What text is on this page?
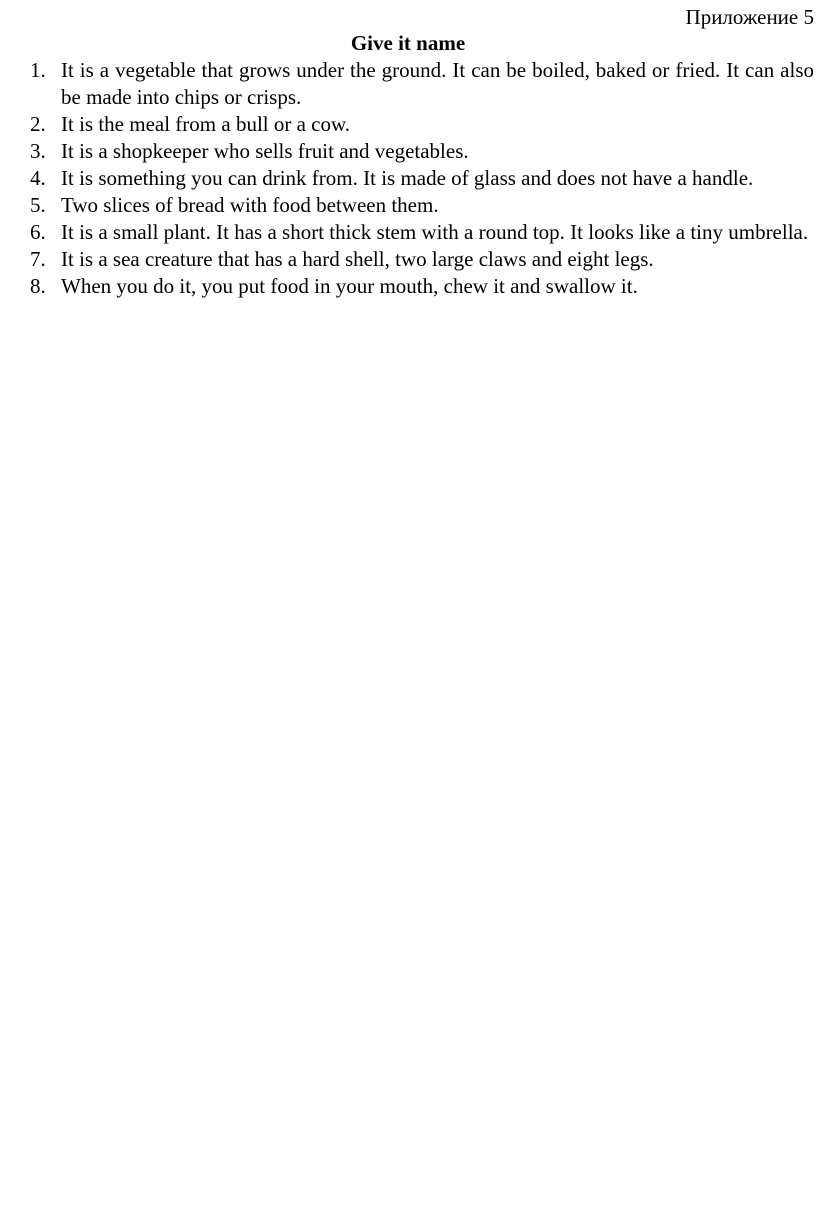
Приложение 5
Give it name
1. It is a vegetable that grows under the ground. It can be boiled, baked or fried. It can also be made into chips or crisps.
2. It is the meal from a bull or a cow.
3. It is a shopkeeper who sells fruit and vegetables.
4. It is something you can drink from. It is made of glass and does not have a handle.
5. Two slices of bread with food between them.
6. It is a small plant. It has a short thick stem with a round top. It looks like a tiny umbrella.
7. It is a sea creature that has a hard shell, two large claws and eight legs.
8. When you do it, you put food in your mouth, chew it and swallow it.
